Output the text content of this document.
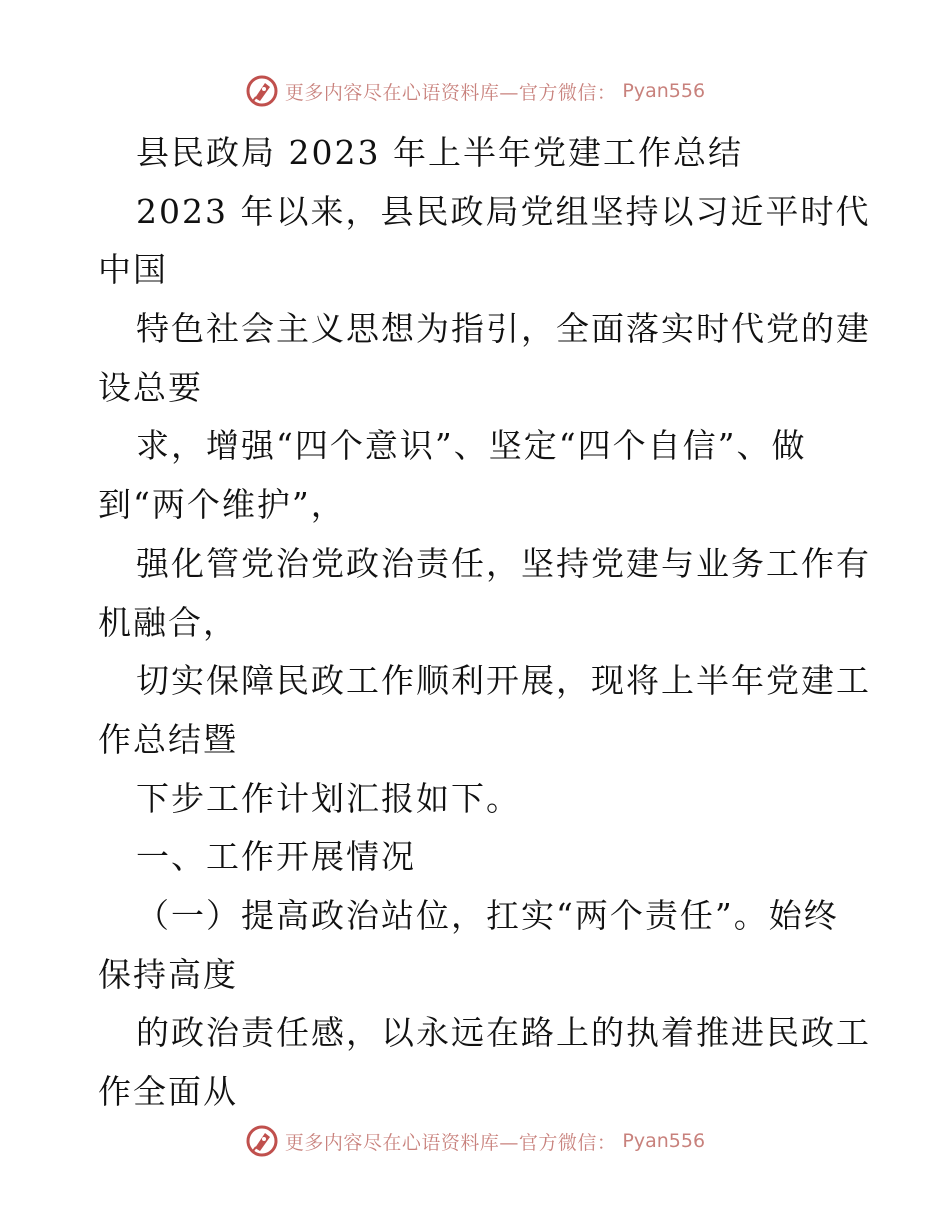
更多内容尽在心语资料库—官方微信： Pyan556
县民政局 2023 年上半年党建工作总结
2023 年以来，县民政局党组坚持以习近平时代
中国
特色社会主义思想为指引，全面落实时代党的建
设总要
求，增强“四个意识”、坚定“四个自信”、做
到“两个维护”，
强化管党治党政治责任，坚持党建与业务工作有
机融合，
切实保障民政工作顺利开展，现将上半年党建工
作总结暨
下步工作计划汇报如下。
一、工作开展情况
（一）提高政治站位，扛实“两个责任”。始终
保持高度
的政治责任感，以永远在路上的执着推进民政工
作全面从
更多内容尽在心语资料库—官方微信： Pyan556
